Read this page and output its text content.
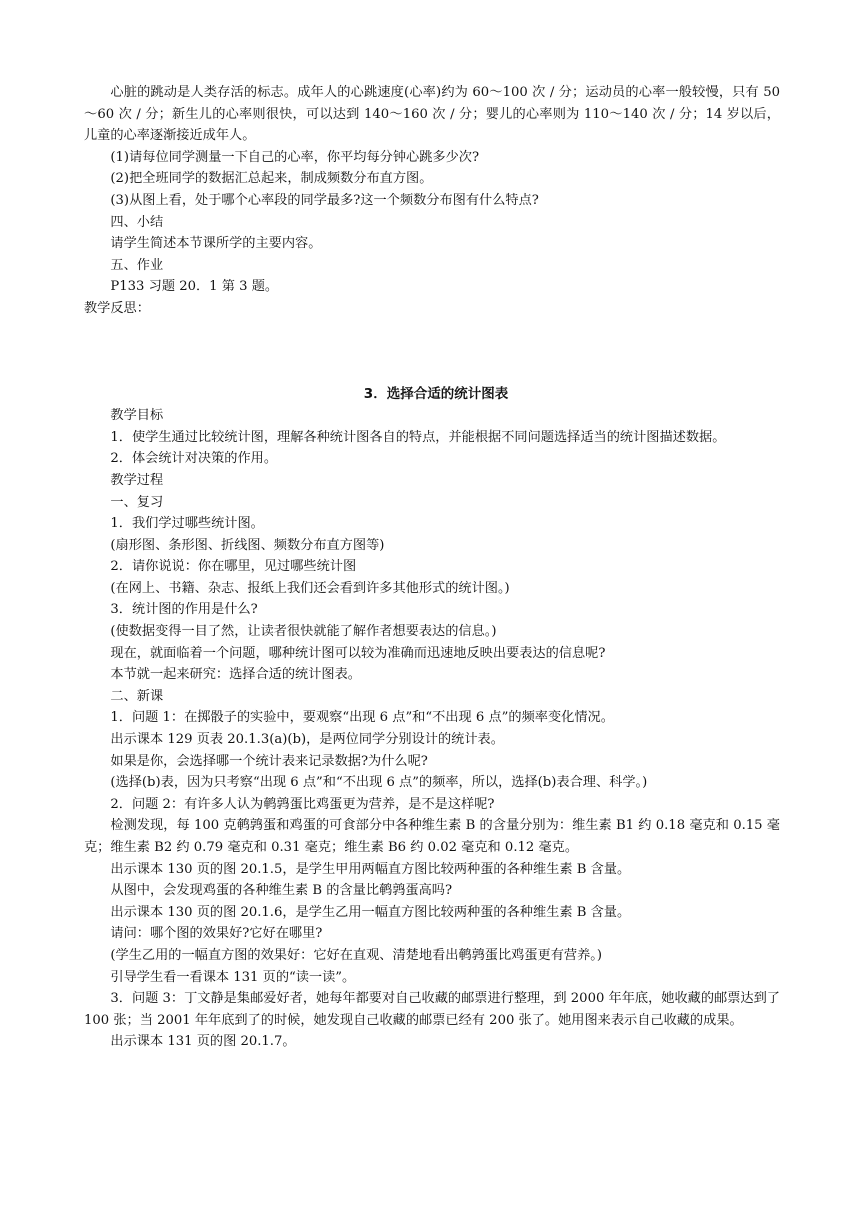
心脏的跳动是人类存活的标志。成年人的心跳速度(心率)约为 60～100 次 / 分；运动员的心率一般较慢，只有 50～60 次 / 分；新生儿的心率则很快，可以达到 140～160 次 / 分；婴儿的心率则为 110～140 次 / 分；14 岁以后，儿童的心率逐渐接近成年人。

(1)请每位同学测量一下自己的心率，你平均每分钟心跳多少次?

(2)把全班同学的数据汇总起来，制成频数分布直方图。

(3)从图上看，处于哪个心率段的同学最多?这一个频数分布图有什么特点?

四、小结

请学生简述本节课所学的主要内容。

五、作业

P133 习题 20．1 第 3 题。

教学反思：

3．选择合适的统计图表

教学目标

1．使学生通过比较统计图，理解各种统计图各自的特点，并能根据不同问题选择适当的统计图描述数据。

2．体会统计对决策的作用。

教学过程

一、复习

1．我们学过哪些统计图。

(扇形图、条形图、折线图、频数分布直方图等)

2．请你说说：你在哪里，见过哪些统计图

(在网上、书籍、杂志、报纸上我们还会看到许多其他形式的统计图。)

3．统计图的作用是什么?

(使数据变得一目了然，让读者很快就能了解作者想要表达的信息。)

现在，就面临着一个问题，哪种统计图可以较为准确而迅速地反映出要表达的信息呢?

本节就一起来研究：选择合适的统计图表。

二、新课

1．问题 1：在掷骰子的实验中，要观察“出现 6 点”和“不出现 6 点”的频率变化情况。

出示课本 129 页表 20.1.3(a)(b)，是两位同学分别设计的统计表。

如果是你，会选择哪一个统计表来记录数据?为什么呢?

(选择(b)表，因为只考察“出现 6 点”和“不出现 6 点”的频率，所以，选择(b)表合理、科学。)

2．问题 2：有许多人认为鹌鹑蛋比鸡蛋更为营养，是不是这样呢?

检测发现，每 100 克鹌鹑蛋和鸡蛋的可食部分中各种维生素 B 的含量分别为：维生素 B1 约 0.18 毫克和 0.15 毫克；维生素 B2 约 0.79 毫克和 0.31 毫克；维生素 B6 约 0.02 毫克和 0.12 毫克。

出示课本 130 页的图 20.1.5，是学生甲用两幅直方图比较两种蛋的各种维生素 B 含量。

从图中，会发现鸡蛋的各种维生素 B 的含量比鹌鹑蛋高吗?

出示课本 130 页的图 20.1.6，是学生乙用一幅直方图比较两种蛋的各种维生素 B 含量。

请问：哪个图的效果好?它好在哪里?

(学生乙用的一幅直方图的效果好：它好在直观、清楚地看出鹌鹑蛋比鸡蛋更有营养。)

引导学生看一看课本 131 页的“读一读”。

3．问题 3：丁文静是集邮爱好者，她每年都要对自己收藏的邮票进行整理，到 2000 年年底，她收藏的邮票达到了 100 张；当 2001 年年底到了的时候，她发现自己收藏的邮票已经有 200 张了。她用图来表示自己收藏的成果。

出示课本 131 页的图 20.1.7。
